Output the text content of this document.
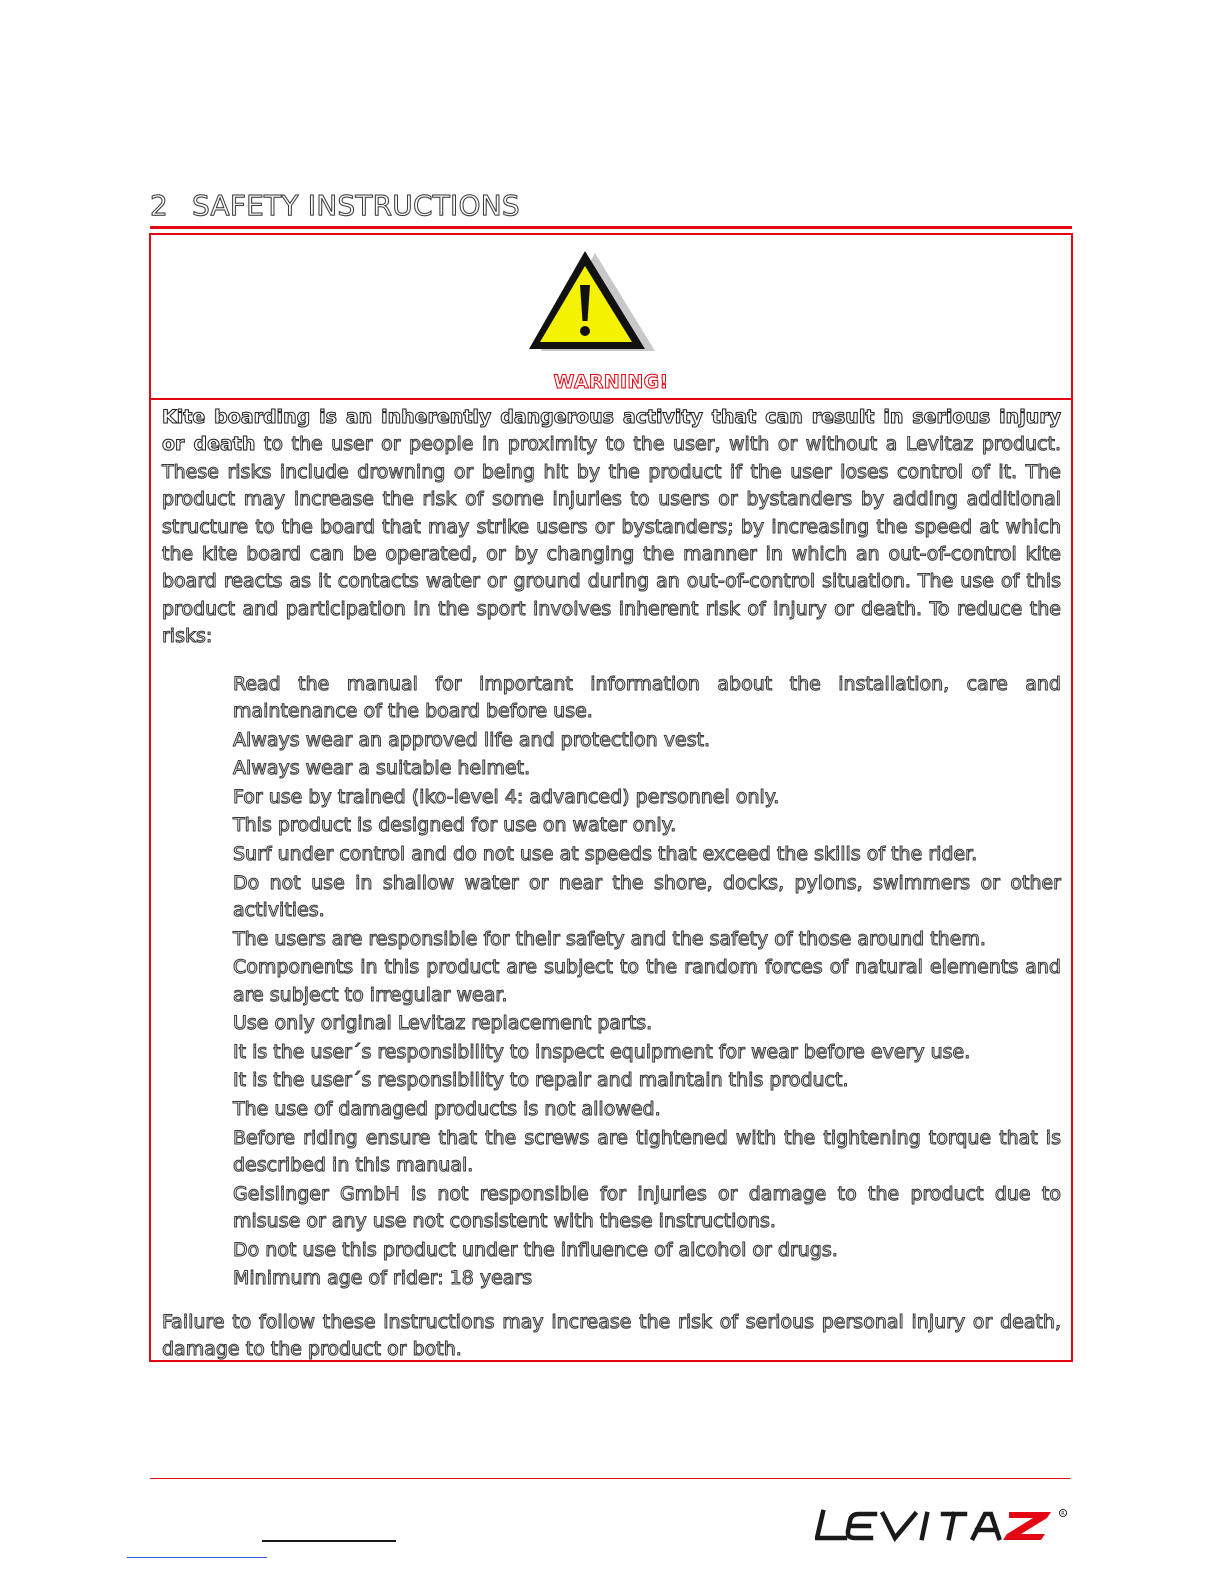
2 SAFETY INSTRUCTIONS
WARNING!

Kite boarding is an inherently dangerous activity that can result in serious injury or death to the user or people in proximity to the user, with or without a Levitaz product. These risks include drowning or being hit by the product if the user loses control of it. The product may increase the risk of some injuries to users or bystanders by adding additional structure to the board that may strike users or bystanders; by increasing the speed at which the kite board can be operated, or by changing the manner in which an out-of-control kite board reacts as it contacts water or ground during an out-of-control situation. The use of this product and participation in the sport involves inherent risk of injury or death. To reduce the risks:

Read the manual for important information about the installation, care and maintenance of the board before use.
Always wear an approved life and protection vest.
Always wear a suitable helmet.
For use by trained (iko-level 4: advanced) personnel only.
This product is designed for use on water only.
Surf under control and do not use at speeds that exceed the skills of the rider.
Do not use in shallow water or near the shore, docks, pylons, swimmers or other activities.
The users are responsible for their safety and the safety of those around them.
Components in this product are subject to the random forces of natural elements and are subject to irregular wear.
Use only original Levitaz replacement parts.
It is the user´s responsibility to inspect equipment for wear before every use.
It is the user´s responsibility to repair and maintain this product.
The use of damaged products is not allowed.
Before riding ensure that the screws are tightened with the tightening torque that is described in this manual.
Geislinger GmbH is not responsible for injuries or damage to the product due to misuse or any use not consistent with these instructions.
Do not use this product under the influence of alcohol or drugs.
Minimum age of rider: 18 years

Failure to follow these instructions may increase the risk of serious personal injury or death, damage to the product or both.

R
